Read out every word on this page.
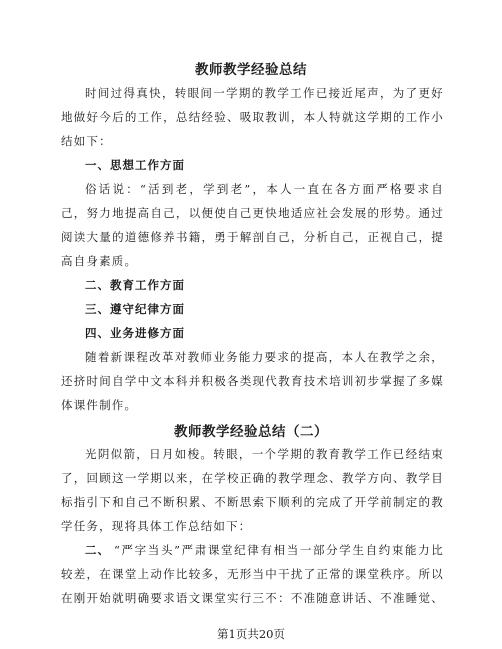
教师教学经验总结
时间过得真快，转眼间一学期的教学工作已接近尾声，为了更好
地做好今后的工作，总结经验、吸取教训，本人特就这学期的工作小
结如下：
一、思想工作方面
俗话说：“活到老，学到老”，本人一直在各方面严格要求自
己，努力地提高自己，以便使自己更快地适应社会发展的形势。通过
阅读大量的道德修养书籍，勇于解剖自己，分析自己，正视自己，提
高自身素质。
二、教育工作方面
三、遵守纪律方面
四、业务进修方面
随着新课程改革对教师业务能力要求的提高，本人在教学之余，
还挤时间自学中文本科并积极各类现代教育技术培训初步掌握了多媒
体课件制作。
教师教学经验总结（二）
光阴似箭，日月如梭。转眼，一个学期的教育教学工作已经结束
了，回顾这一学期以来，在学校正确的教学理念、教学方向、教学目
标指引下和自己不断积累、不断思索下顺利的完成了开学前制定的教
学任务，现将具体工作总结如下：
二、 “严字当头”严肃课堂纪律有相当一部分学生自约束能力比
较差，在课堂上动作比较多，无形当中干扰了正常的课堂秩序。所以
在刚开始就明确要求语文课堂实行三不：不准随意讲话、不准睡觉、
第1页共20页
